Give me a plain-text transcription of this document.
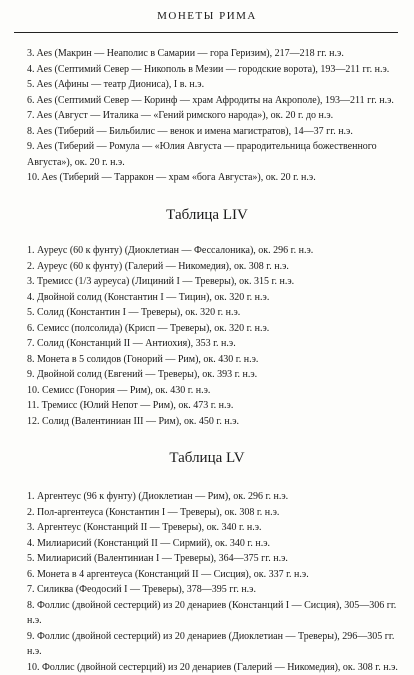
МОНЕТЫ РИМА

3. Aes (Макрин — Неаполис в Самарии — гора Геризим), 217—218 гг. н.э.

4. Aes (Септимий Север — Никополь в Мезии — городские ворота), 193—211 гг. н.э.

5. Aes (Афины — театр Диониса), I в. н.э.

6. Aes (Септимий Север — Коринф — храм Афродиты на Акрополе), 193—211 гг. н.э.

7. Aes (Август — Италика — «Гений римского народа»), ок. 20 г. до н.э.

8. Aes (Тиберий — Бильбилис — венок и имена магистратов), 14—37 гг. н.э.

9. Aes (Тиберий — Ромула — «Юлия Августа — прародительница божественного

Августа»), ок. 20 г. н.э.

10. Aes (Тиберий — Тарракон — храм «бога Августа»), ок. 20 г. н.э.

Таблица LIV

1. Ауреус (60 к фунту) (Диоклетиан — Фессалоника), ок. 296 г. н.э.

2. Ауреус (60 к фунту) (Галерий — Никомедия), ок. 308 г. н.э.

3. Тремисс (1/3 ауреуса) (Лициний I — Треверы), ок. 315 г. н.э.

4. Двойной солид (Константин I — Тицин), ок. 320 г. н.э.

5. Солид (Константин I — Треверы), ок. 320 г. н.э.

6. Семисс (полсолида) (Крисп — Треверы), ок. 320 г. н.э.

7. Солид (Констанций II — Антиохия), 353 г. н.э.

8. Монета в 5 солидов (Гонорий — Рим), ок. 430 г. н.э.

9. Двойной солид (Евгений — Треверы), ок. 393 г. н.э.

10. Семисс (Гонория — Рим), ок. 430 г. н.э.

11. Тремисс (Юлий Непот — Рим), ок. 473 г. н.э.

12. Солид (Валентиниан III — Рим), ок. 450 г. н.э.

Таблица LV

1. Аргентеус (96 к фунту) (Диоклетиан — Рим), ок. 296 г. н.э.

2. Пол-аргентеуса (Константин I — Треверы), ок. 308 г. н.э.

3. Аргентеус (Констанций II — Треверы), ок. 340 г. н.э.

4. Милиарисий (Констанций II — Сирмий), ок. 340 г. н.э.

5. Милиарисий (Валентиниан I — Треверы), 364—375 гг. н.э.

6. Монета в 4 аргентеуса (Констанций II — Сисция), ок. 337 г. н.э.

7. Силиква (Феодосий I — Треверы), 378—395 гг. н.э.

8. Фоллис (двойной сестерций) из 20 денариев (Констанций I — Сисция), 305—306 гг. н.э.

9. Фоллис (двойной сестерций) из 20 денариев (Диоклетиан — Треверы), 296—305 гг. н.э.

10. Фоллис (двойной сестерций) из 20 денариев (Галерий — Никомедия), ок. 308 г. н.э.
